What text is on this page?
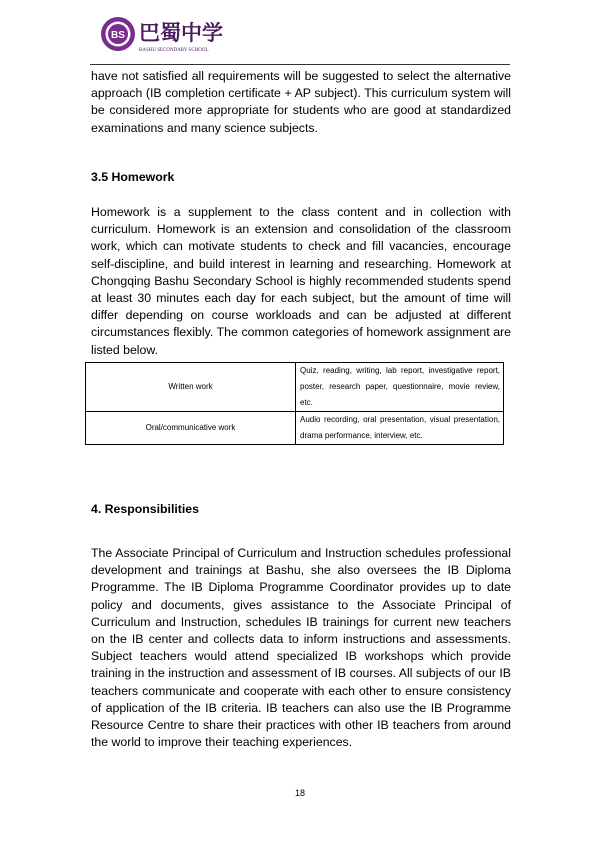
BS 巴蜀中学
BASHU SECONDARY SCHOOL

have not satisfied all requirements will be suggested to select the alternative approach (IB completion certificate + AP subject). This curriculum system will be considered more appropriate for students who are good at standardized examinations and many science subjects.

3.5 Homework

Homework is a supplement to the class content and in collection with curriculum. Homework is an extension and consolidation of the classroom work, which can motivate students to check and fill vacancies, encourage self-discipline, and build interest in learning and researching. Homework at Chongqing Bashu Secondary School is highly recommended students spend at least 30 minutes each day for each subject, but the amount of time will differ depending on course workloads and can be adjusted at different circumstances flexibly. The common categories of homework assignment are listed below.

Written work	Quiz, reading, writing, lab report, investigative report, poster, research paper, questionnaire, movie review, etc.
Oral/communicative work	Audio recording, oral presentation, visual presentation, drama performance, interview, etc.
4. Responsibilities

The Associate Principal of Curriculum and Instruction schedules professional development and trainings at Bashu, she also oversees the IB Diploma Programme. The IB Diploma Programme Coordinator provides up to date policy and documents, gives assistance to the Associate Principal of Curriculum and Instruction, schedules IB trainings for current new teachers on the IB center and collects data to inform instructions and assessments. Subject teachers would attend specialized IB workshops which provide training in the instruction and assessment of IB courses. All subjects of our IB teachers communicate and cooperate with each other to ensure consistency of application of the IB criteria. IB teachers can also use the IB Programme Resource Centre to share their practices with other IB teachers from around the world to improve their teaching experiences.

18
